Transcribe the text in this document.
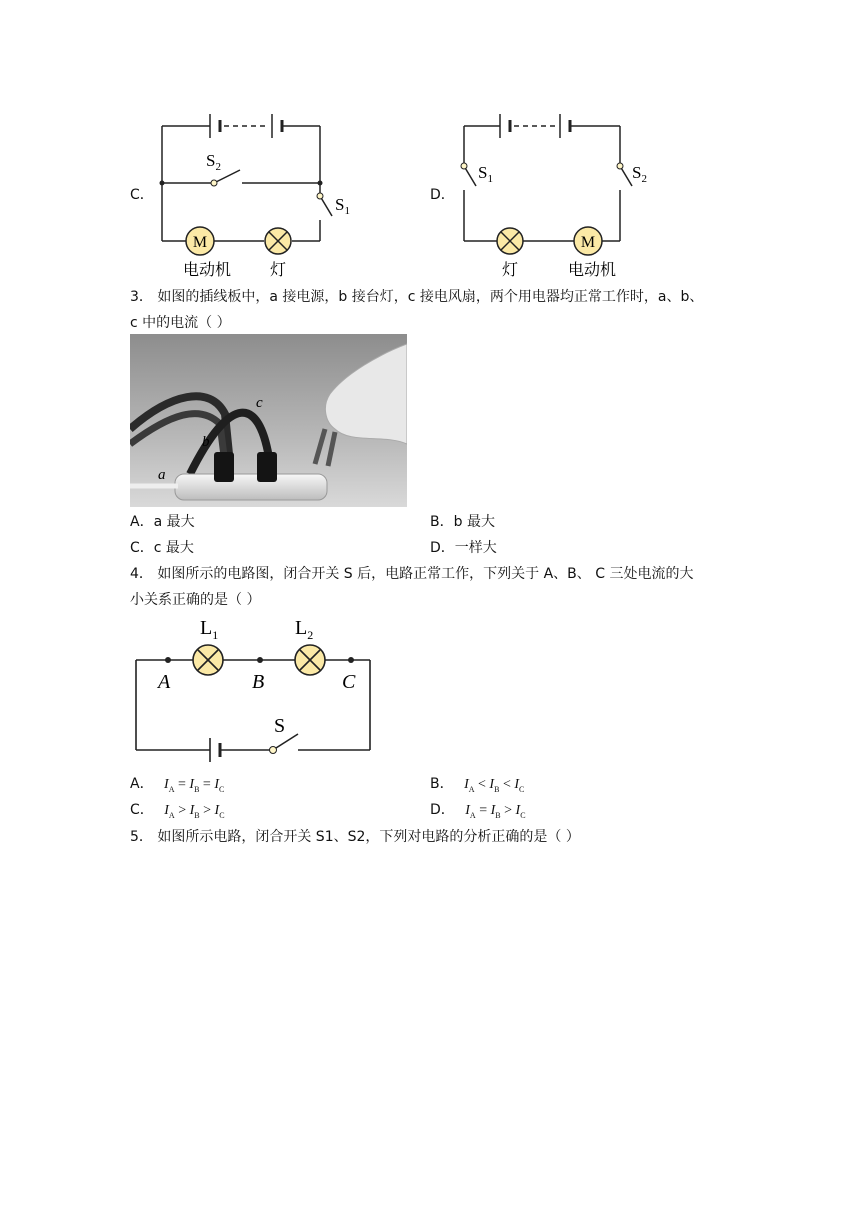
C．
M
$S_2$
$S_1$
电动机 灯
D．
M
$S_1$	$S_2$
灯	电动机
3． 如图的插线板中，a 接电源，b 接台灯，c 接电风扇，两个用电器均正常工作时，a、b、
c 中的电流（ ）
a
b
c
A．a 最大	B．b 最大
C．c 最大	D．一样大
4． 如图所示的电路图，闭合开关 S 后，电路正常工作，下列关于 A、B、 C 三处电流的大
小关系正确的是（ ）
$L_1$	$L_2$
A	B	C
S
A． $I_A = I_B = I_C$	B． $I_A < I_B < I_C$
C． $I_A > I_B > I_C$	D． $I_A = I_B > I_C$
5． 如图所示电路，闭合开关 S1、S2，下列对电路的分析正确的是（ ）
